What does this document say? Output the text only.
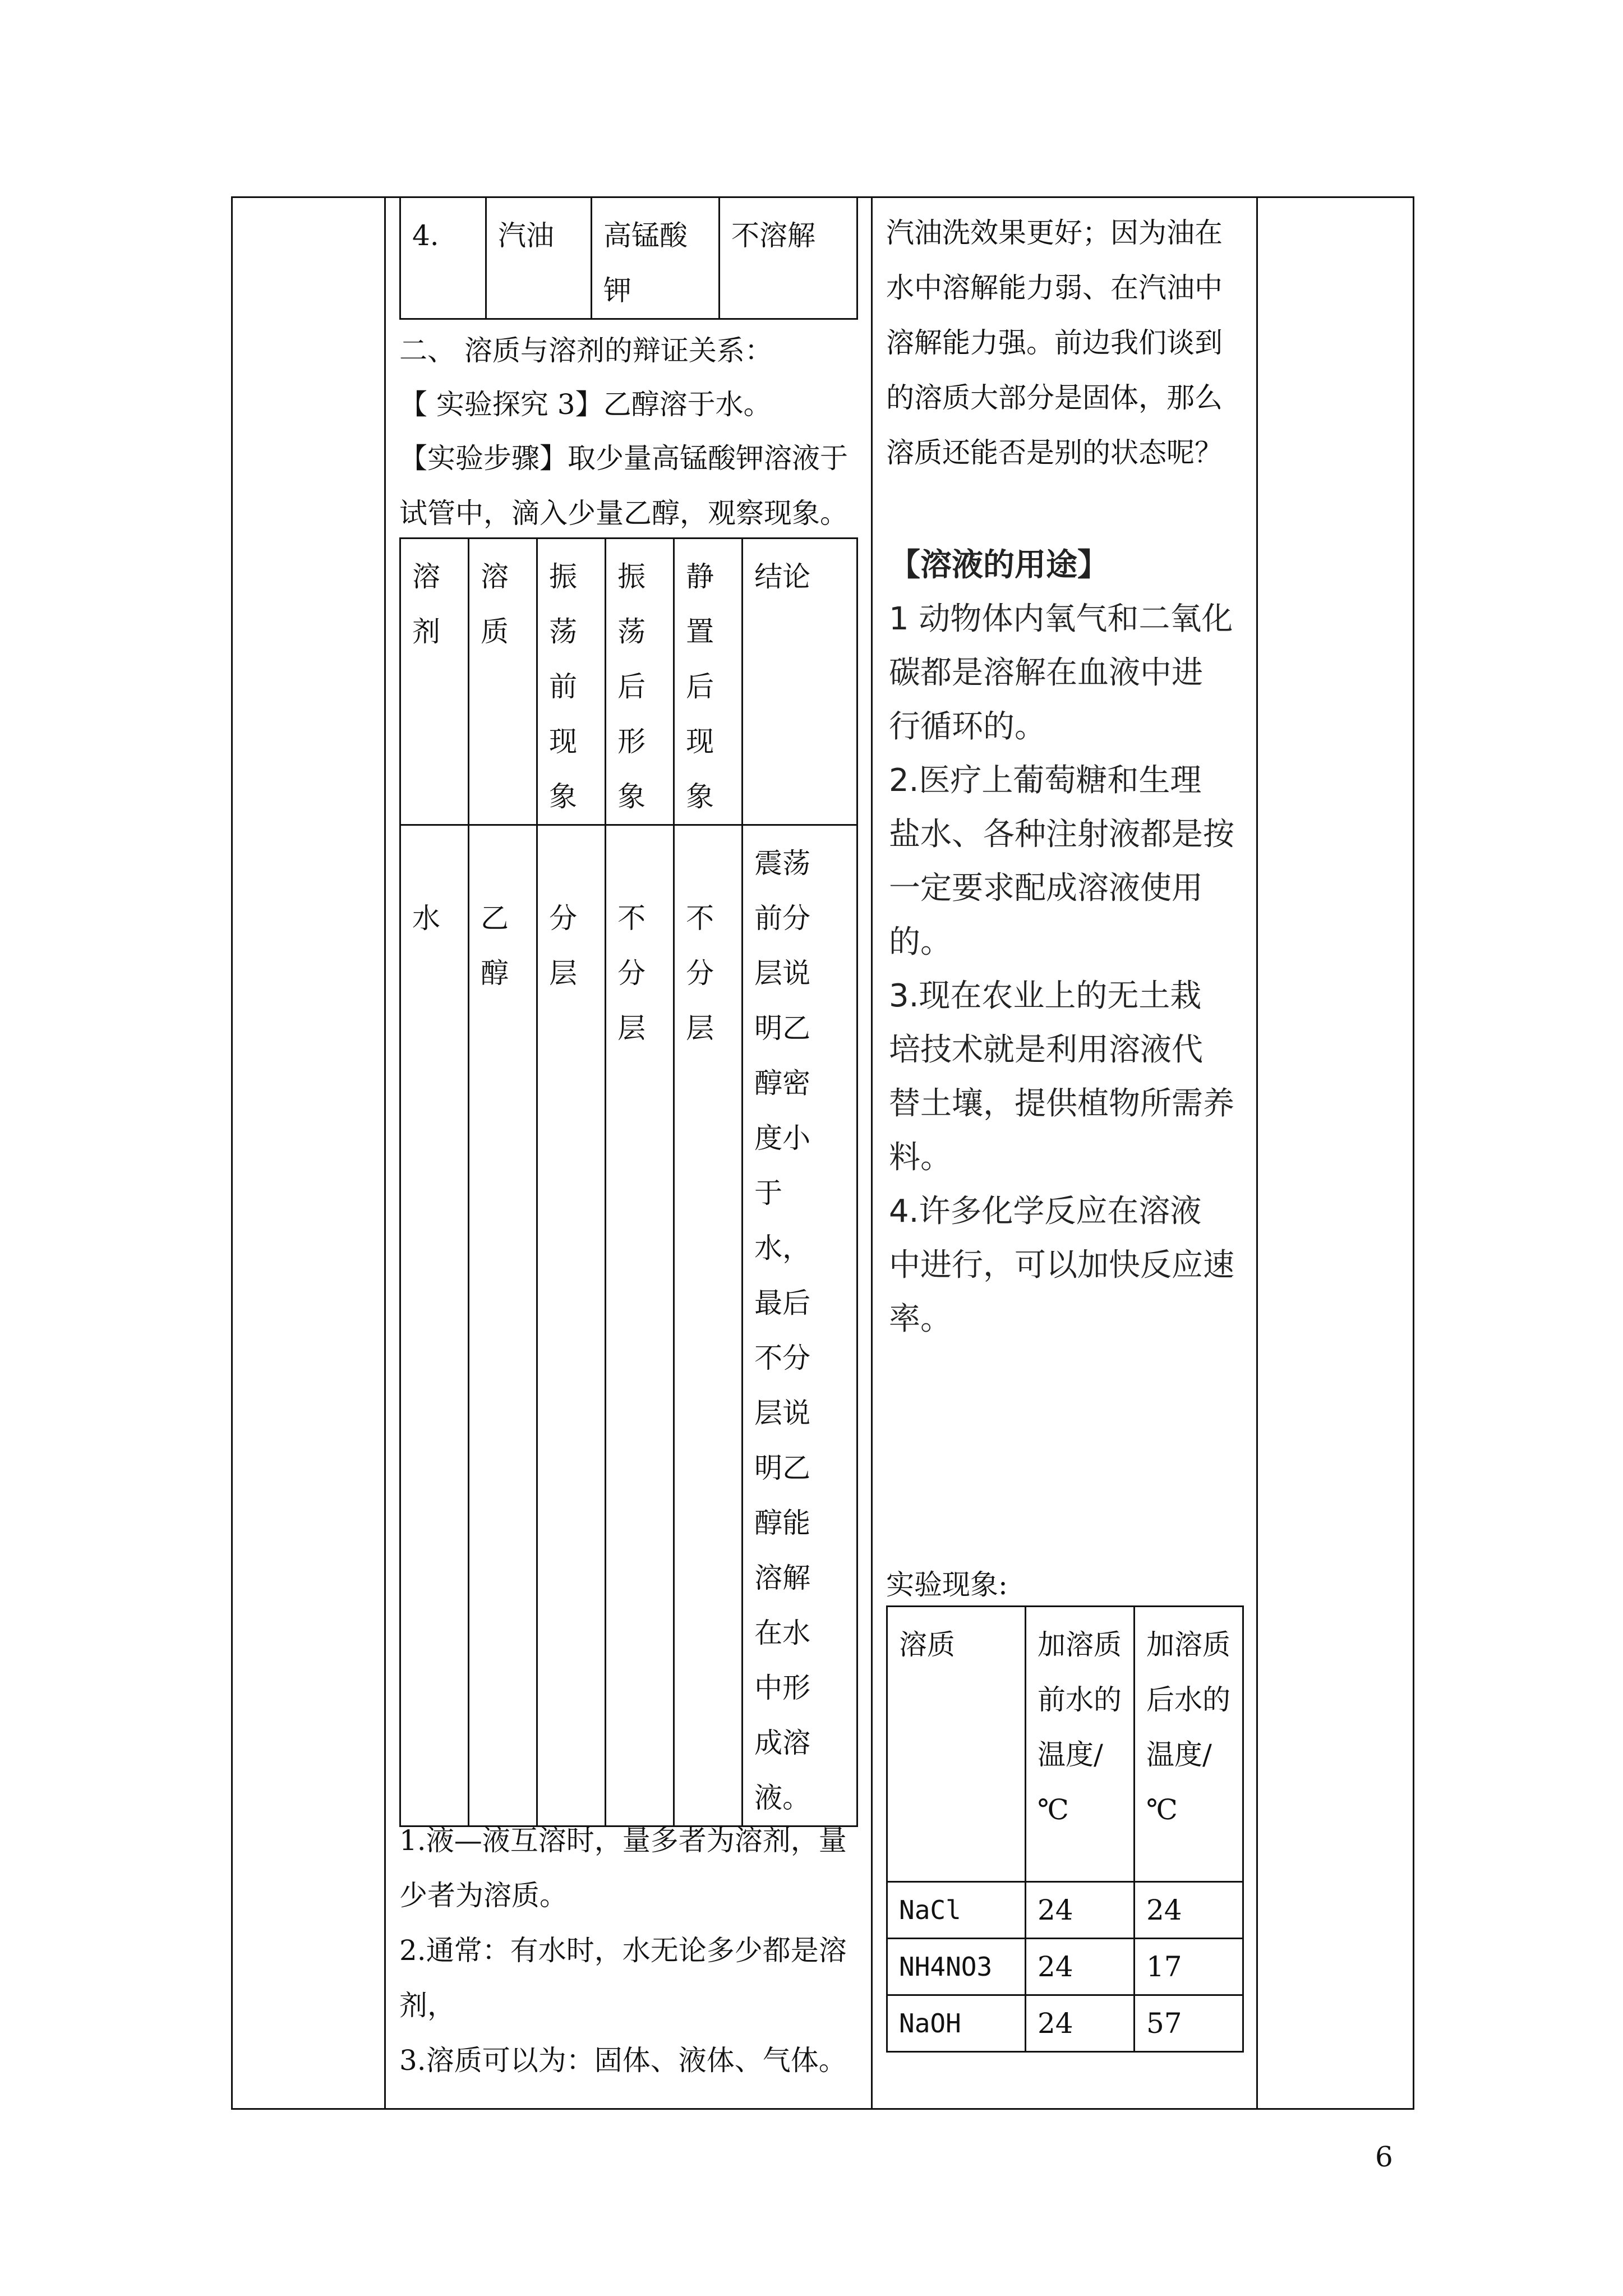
4.	汽油	高锰酸钾	不溶解
二、 溶质与溶剂的辩证关系：
【 实验探究 3】乙醇溶于水。
【实验步骤】取少量高锰酸钾溶液于
试管中，滴入少量乙醇，观察现象。
溶剂	溶质	振荡前现象	振荡后形象	静置后现象	结论
水	乙醇	分层	不分层	不分层	震荡前分层说明乙醇密度小于水，最后不分层说明乙醇能溶解在水中形成溶液。
1.液—液互溶时，量多者为溶剂，量
少者为溶质。
2.通常：有水时，水无论多少都是溶
剂，
3.溶质可以为：固体、液体、气体。
汽油洗效果更好；因为油在
水中溶解能力弱、在汽油中
溶解能力强。前边我们谈到
的溶质大部分是固体，那么
溶质还能否是别的状态呢？
【溶液的用途】
1 动物体内氧气和二氧化
碳都是溶解在血液中进
行循环的。
2.医疗上葡萄糖和生理
盐水、各种注射液都是按
一定要求配成溶液使用
的。
3.现在农业上的无土栽
培技术就是利用溶液代
替土壤，提供植物所需养
料。
4.许多化学反应在溶液
中进行，可以加快反应速
率。
实验现象:
溶质	加溶质前水的温度/ ℃	加溶质后水的温度/ ℃
NaCl	24	24
NH4NO3	24	17
NaOH	24	57
6
